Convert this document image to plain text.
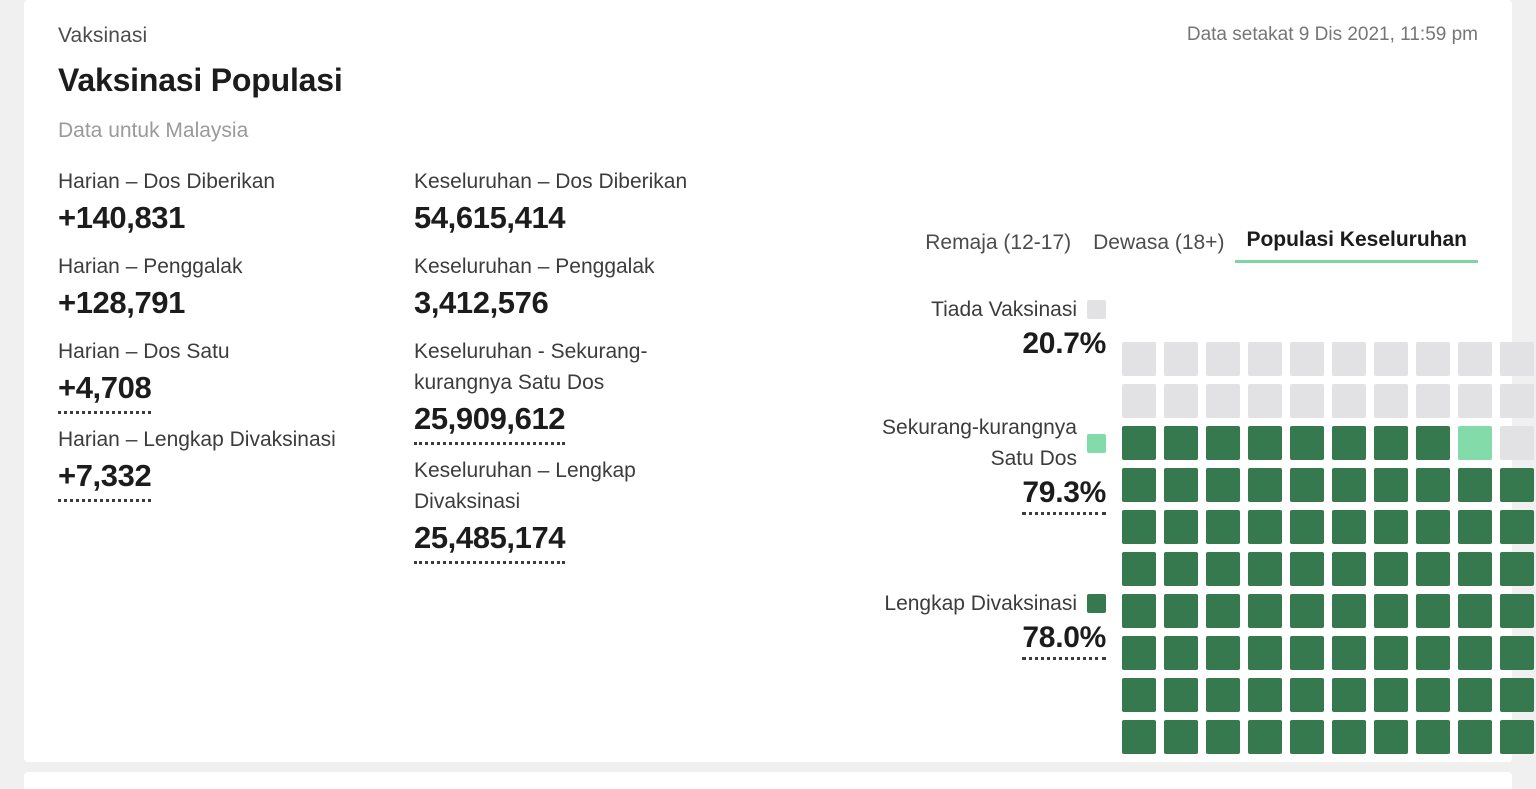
Vaksinasi
Vaksinasi Populasi
Data untuk Malaysia
Data setakat 9 Dis 2021, 11:59 pm
Harian – Dos Diberikan
+140,831
Harian – Penggalak
+128,791
Harian – Dos Satu
+4,708
Harian – Lengkap Divaksinasi
+7,332
Keseluruhan – Dos Diberikan
54,615,414
Keseluruhan – Penggalak
3,412,576
Keseluruhan - Sekurang-kurangnya Satu Dos
25,909,612
Keseluruhan – Lengkap Divaksinasi
25,485,174
Remaja (12-17)	Dewasa (18+)	Populasi Keseluruhan
Tiada Vaksinasi
20.7%
Sekurang-kurangnya Satu Dos
79.3%
Lengkap Divaksinasi
78.0%
